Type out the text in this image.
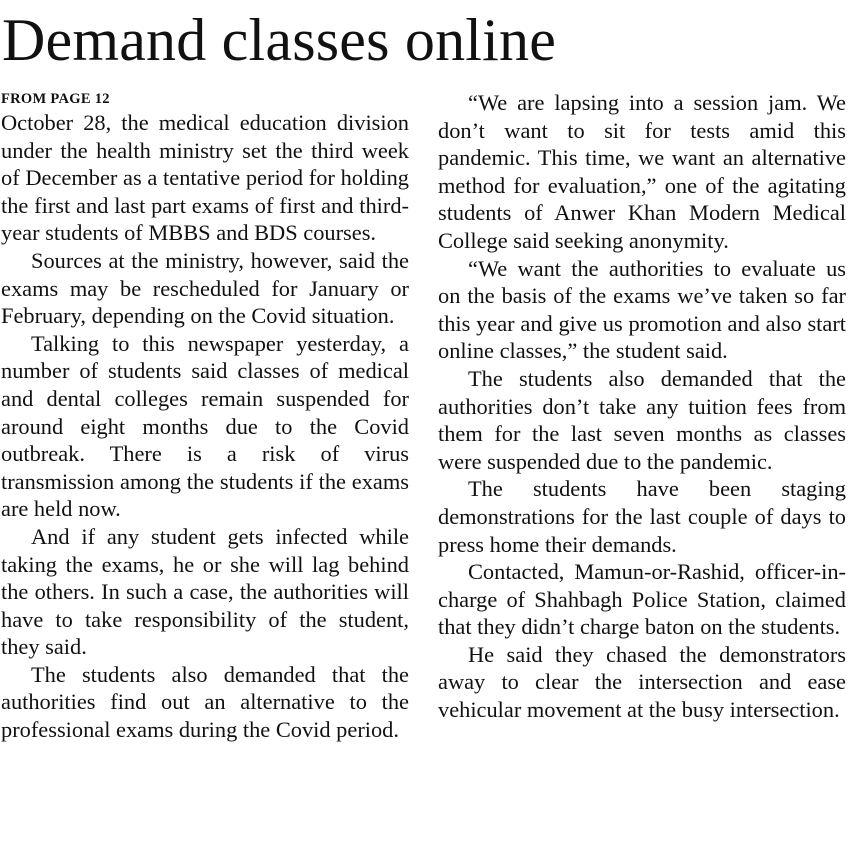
Demand classes online
FROM PAGE 12

October 28, the medical education division under the health ministry set the third week of December as a tentative period for holding the first and last part exams of first and third-year students of MBBS and BDS courses.

Sources at the ministry, however, said the exams may be rescheduled for January or February, depending on the Covid situation.

Talking to this newspaper yesterday, a number of students said classes of medical and dental colleges remain suspended for around eight months due to the Covid outbreak. There is a risk of virus transmission among the students if the exams are held now.

And if any student gets infected while taking the exams, he or she will lag behind the others. In such a case, the authorities will have to take responsibility of the student, they said.

The students also demanded that the authorities find out an alternative to the professional exams during the Covid period.

“We are lapsing into a session jam. We don’t want to sit for tests amid this pandemic. This time, we want an alternative method for evaluation,” one of the agitating students of Anwer Khan Modern Medical College said seeking anonymity.

“We want the authorities to evaluate us on the basis of the exams we’ve taken so far this year and give us promotion and also start online classes,” the student said.

The students also demanded that the authorities don’t take any tuition fees from them for the last seven months as classes were suspended due to the pandemic.

The students have been staging demonstrations for the last couple of days to press home their demands.

Contacted, Mamun-or-Rashid, officer-in-charge of Shahbagh Police Station, claimed that they didn’t charge baton on the students.

He said they chased the demonstrators away to clear the intersection and ease vehicular movement at the busy intersection.
